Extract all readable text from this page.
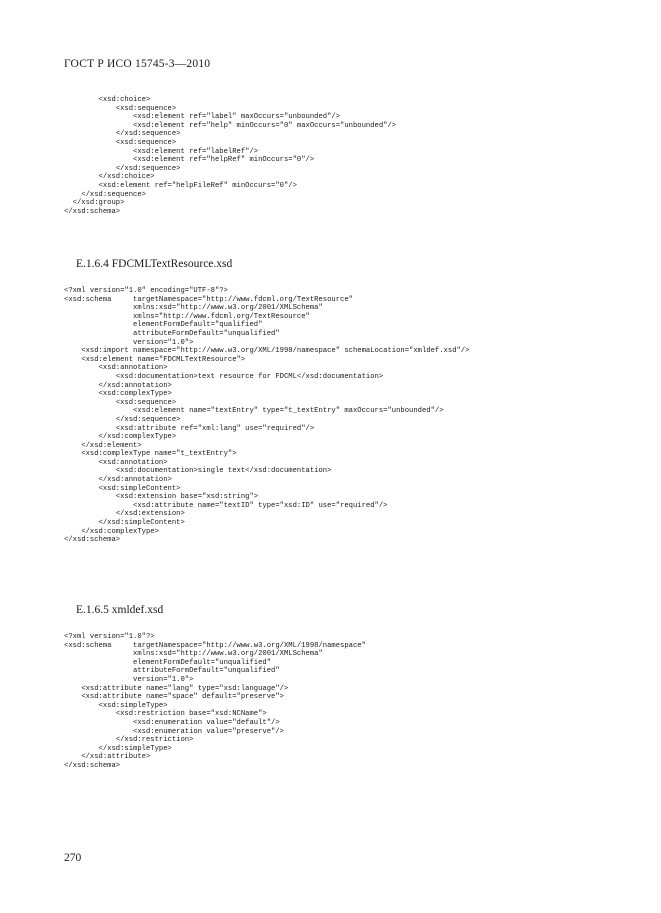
ГОСТ Р ИСО 15745-3—2010
<xsd:choice>
<xsd:sequence>
<xsd:element ref="label" maxOccurs="unbounded"/>
<xsd:element ref="help" minOccurs="0" maxOccurs="unbounded"/>
</xsd:sequence>
<xsd:sequence>
<xsd:element ref="labelRef"/>
<xsd:element ref="helpRef" minOccurs="0"/>
</xsd:sequence>
</xsd:choice>
<xsd:element ref="helpFileRef" minOccurs="0"/>
</xsd:sequence>
</xsd:group>
</xsd:schema>
E.1.6.4 FDCMLTextResource.xsd
<?xml version="1.0" encoding="UTF-8"?>
<xsd:schema     targetNamespace="http://www.fdcml.org/TextResource"
xmlns:xsd="http://www.w3.org/2001/XMLSchema"
xmlns="http://www.fdcml.org/TextResource"
elementFormDefault="qualified"
attributeFormDefault="unqualified"
version="1.0">
<xsd:import namespace="http://www.w3.org/XML/1998/namespace" schemaLocation="xmldef.xsd"/>
<xsd:element name="FDCMLTextResource">
<xsd:annotation>
<xsd:documentation>text resource for FDCML</xsd:documentation>
</xsd:annotation>
<xsd:complexType>
<xsd:sequence>
<xsd:element name="textEntry" type="t_textEntry" maxOccurs="unbounded"/>
</xsd:sequence>
<xsd:attribute ref="xml:lang" use="required"/>
</xsd:complexType>
</xsd:element>
<xsd:complexType name="t_textEntry">
<xsd:annotation>
<xsd:documentation>single text</xsd:documentation>
</xsd:annotation>
<xsd:simpleContent>
<xsd:extension base="xsd:string">
<xsd:attribute name="textID" type="xsd:ID" use="required"/>
</xsd:extension>
</xsd:simpleContent>
</xsd:complexType>
</xsd:schema>
E.1.6.5 xmldef.xsd
<?xml version="1.0"?>
<xsd:schema     targetNamespace="http://www.w3.org/XML/1998/namespace"
xmlns:xsd="http://www.w3.org/2001/XMLSchema"
elementFormDefault="unqualified"
attributeFormDefault="unqualified"
version="1.0">
<xsd:attribute name="lang" type="xsd:language"/>
<xsd:attribute name="space" default="preserve">
<xsd:simpleType>
<xsd:restriction base="xsd:NCName">
<xsd:enumeration value="default"/>
<xsd:enumeration value="preserve"/>
</xsd:restriction>
</xsd:simpleType>
</xsd:attribute>
</xsd:schema>
270
